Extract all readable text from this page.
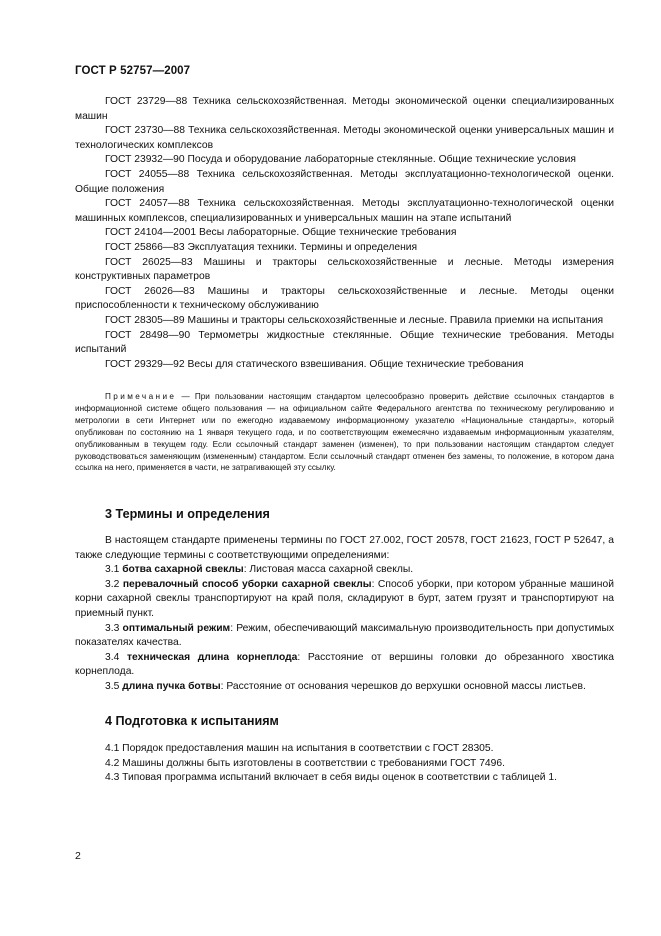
ГОСТ Р 52757—2007

ГОСТ 23729—88 Техника сельскохозяйственная. Методы экономической оценки специализированных машин

ГОСТ 23730—88 Техника сельскохозяйственная. Методы экономической оценки универсальных машин и технологических комплексов

ГОСТ 23932—90 Посуда и оборудование лабораторные стеклянные. Общие технические условия

ГОСТ 24055—88 Техника сельскохозяйственная. Методы эксплуатационно-технологической оценки. Общие положения

ГОСТ 24057—88 Техника сельскохозяйственная. Методы эксплуатационно-технологической оценки машинных комплексов, специализированных и универсальных машин на этапе испытаний

ГОСТ 24104—2001 Весы лабораторные. Общие технические требования

ГОСТ 25866—83 Эксплуатация техники. Термины и определения

ГОСТ 26025—83 Машины и тракторы сельскохозяйственные и лесные. Методы измерения конструктивных параметров

ГОСТ 26026—83 Машины и тракторы сельскохозяйственные и лесные. Методы оценки приспособленности к техническому обслуживанию

ГОСТ 28305—89 Машины и тракторы сельскохозяйственные и лесные. Правила приемки на испытания

ГОСТ 28498—90 Термометры жидкостные стеклянные. Общие технические требования. Методы испытаний

ГОСТ 29329—92 Весы для статического взвешивания. Общие технические требования

Примечание — При пользовании настоящим стандартом целесообразно проверить действие ссылочных стандартов в информационной системе общего пользования — на официальном сайте Федерального агентства по техническому регулированию и метрологии в сети Интернет или по ежегодно издаваемому информационному указателю «Национальные стандарты», который опубликован по состоянию на 1 января текущего года, и по соответствующим ежемесячно издаваемым информационным указателям, опубликованным в текущем году. Если ссылочный стандарт заменен (изменен), то при пользовании настоящим стандартом следует руководствоваться заменяющим (измененным) стандартом. Если ссылочный стандарт отменен без замены, то положение, в котором дана ссылка на него, применяется в части, не затрагивающей эту ссылку.

3 Термины и определения

В настоящем стандарте применены термины по ГОСТ 27.002, ГОСТ 20578, ГОСТ 21623, ГОСТ Р 52647, а также следующие термины с соответствующими определениями:

3.1 ботва сахарной свеклы: Листовая масса сахарной свеклы.

3.2 перевалочный способ уборки сахарной свеклы: Способ уборки, при котором убранные машиной корни сахарной свеклы транспортируют на край поля, складируют в бурт, затем грузят и транспортируют на приемный пункт.

3.3 оптимальный режим: Режим, обеспечивающий максимальную производительность при допустимых показателях качества.

3.4 техническая длина корнеплода: Расстояние от вершины головки до обрезанного хвостика корнеплода.

3.5 длина пучка ботвы: Расстояние от основания черешков до верхушки основной массы листьев.

4 Подготовка к испытаниям

4.1 Порядок предоставления машин на испытания в соответствии с ГОСТ 28305.

4.2 Машины должны быть изготовлены в соответствии с требованиями ГОСТ 7496.

4.3 Типовая программа испытаний включает в себя виды оценок в соответствии с таблицей 1.

2
